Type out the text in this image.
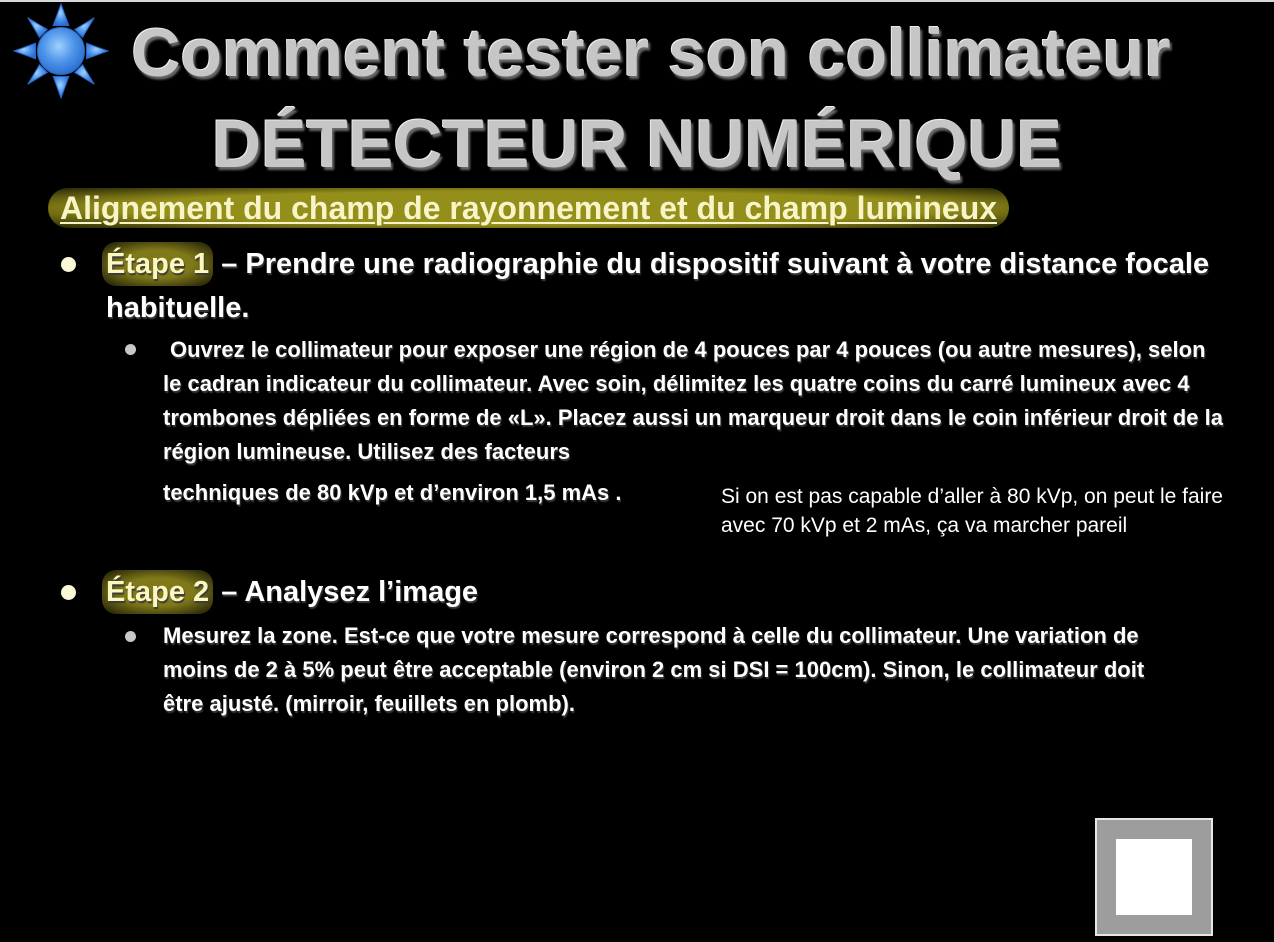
Comment tester son collimateur
DÉTECTEUR NUMÉRIQUE
Alignement du champ de rayonnement et du champ lumineux
Étape 1 – Prendre une radiographie du dispositif suivant à votre distance focale habituelle.
Ouvrez le collimateur pour exposer une région de 4 pouces par 4 pouces (ou autre mesures), selon le cadran indicateur du collimateur. Avec soin, délimitez les quatre coins du carré lumineux avec 4 trombones dépliées en forme de «L». Placez aussi un marqueur droit dans le coin inférieur droit de la région lumineuse. Utilisez des facteurs
techniques de 80 kVp et d’environ 1,5 mAs .	Si on est pas capable d’aller à 80 kVp, on peut le faire avec 70 kVp et 2 mAs, ça va marcher pareil
Étape 2 – Analysez l’image
Mesurez la zone. Est-ce que votre mesure correspond à celle du collimateur. Une variation de moins de 2 à 5% peut être acceptable (environ 2 cm si DSI = 100cm). Sinon, le collimateur doit être ajusté. (mirroir, feuillets en plomb).
